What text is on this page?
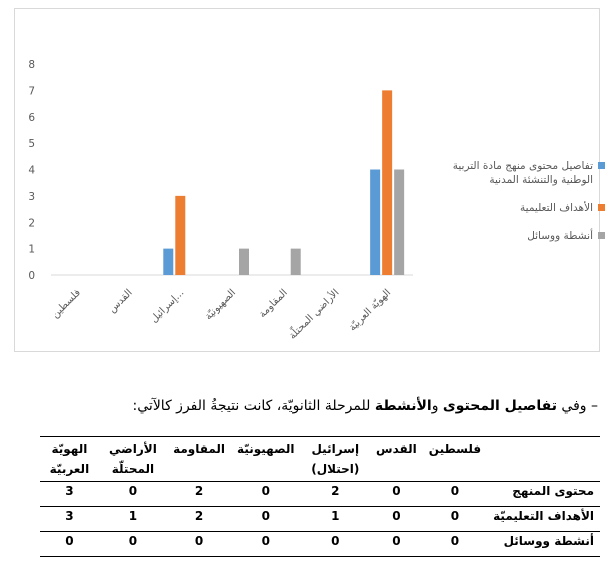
0
1
2
3
4
5
6
7
8
فلسطين القدس إسرائيل... الصهيونيّة المقاومة
الأراضي المحتلّة الهويّة العربيّة
تفاصيل محتوى منهج مادة التربية الوطنية والتنشئة المدنية
الأهداف التعليمية
أنشطة ووسائل
– وفي تفاصيل المحتوى والأنشطة للمرحلة الثانويّة، كانت نتيجةُ الفرز كالآتي:
	فلسطين	القدس	إسرائيل (احتلال)	الصهيونيّة	المقاومة	الأراضي المحتلّة	الهويّة العربيّة
محتوى المنهج	0	0	2	0	2	0	3
الأهداف التعليميّة	0	0	1	0	2	1	3
أنشطة ووسائل	0	0	0	0	0	0	0
